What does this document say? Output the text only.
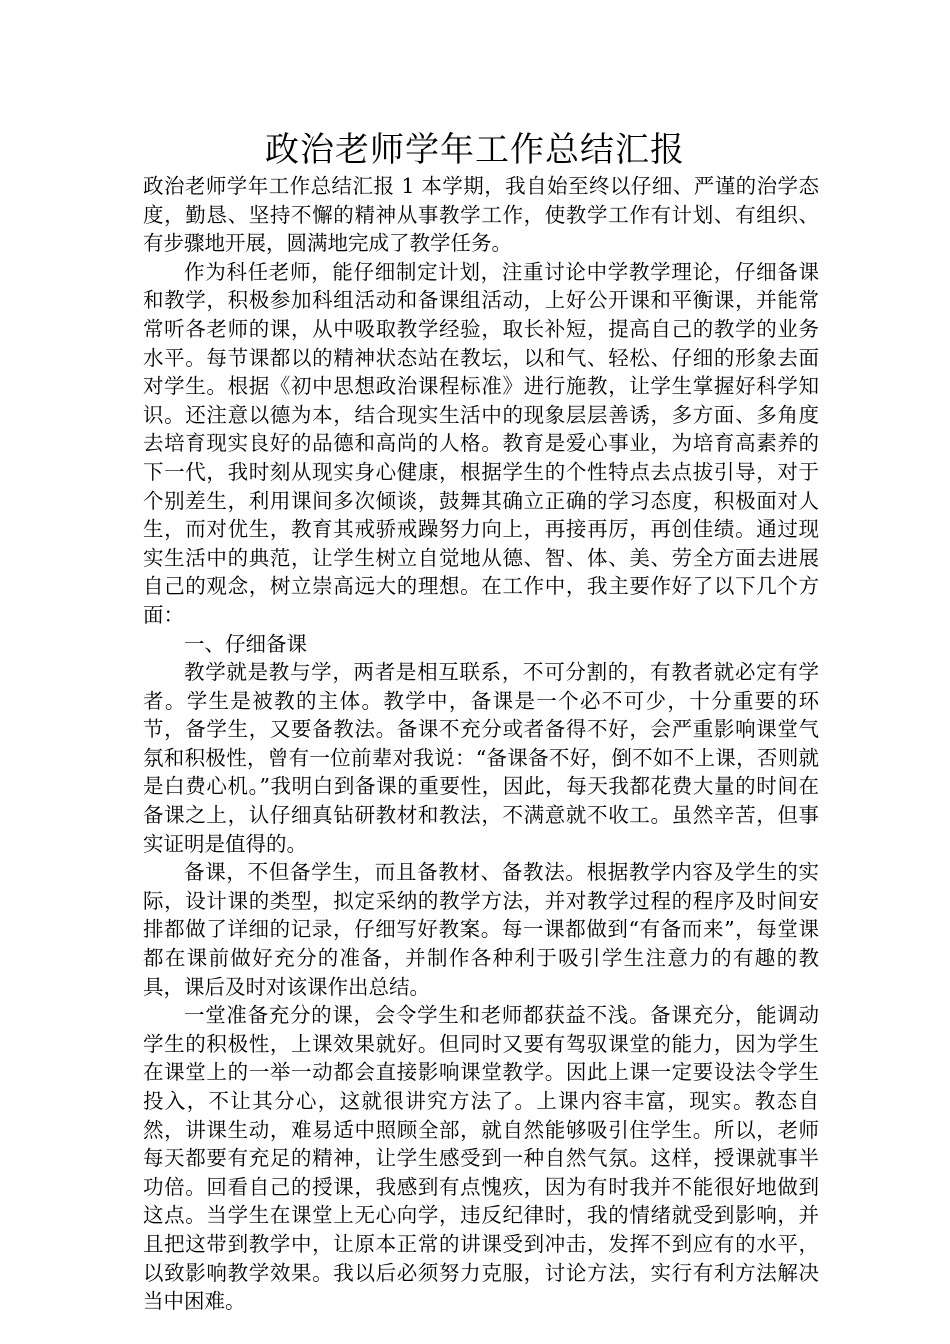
政治老师学年工作总结汇报

政治老师学年工作总结汇报 1 本学期，我自始至终以仔细、严谨的治学态度，勤恳、坚持不懈的精神从事教学工作，使教学工作有计划、有组织、有步骤地开展，圆满地完成了教学任务。

作为科任老师，能仔细制定计划，注重讨论中学教学理论，仔细备课和教学，积极参加科组活动和备课组活动，上好公开课和平衡课，并能常常听各老师的课，从中吸取教学经验，取长补短，提高自己的教学的业务水平。每节课都以的精神状态站在教坛，以和气、轻松、仔细的形象去面对学生。根据《初中思想政治课程标准》进行施教，让学生掌握好科学知识。还注意以德为本，结合现实生活中的现象层层善诱，多方面、多角度去培育现实良好的品德和高尚的人格。教育是爱心事业，为培育高素养的下一代，我时刻从现实身心健康，根据学生的个性特点去点拔引导，对于个别差生，利用课间多次倾谈，鼓舞其确立正确的学习态度，积极面对人生，而对优生，教育其戒骄戒躁努力向上，再接再厉，再创佳绩。通过现实生活中的典范，让学生树立自觉地从德、智、体、美、劳全方面去进展自己的观念，树立崇高远大的理想。在工作中，我主要作好了以下几个方面：

一、仔细备课

教学就是教与学，两者是相互联系，不可分割的，有教者就必定有学者。学生是被教的主体。教学中，备课是一个必不可少，十分重要的环节，备学生，又要备教法。备课不充分或者备得不好，会严重影响课堂气氛和积极性，曾有一位前辈对我说：“备课备不好，倒不如不上课，否则就是白费心机。”我明白到备课的重要性，因此，每天我都花费大量的时间在备课之上，认仔细真钻研教材和教法，不满意就不收工。虽然辛苦，但事实证明是值得的。

备课，不但备学生，而且备教材、备教法。根据教学内容及学生的实际，设计课的类型，拟定采纳的教学方法，并对教学过程的程序及时间安排都做了详细的记录，仔细写好教案。每一课都做到“有备而来”，每堂课都在课前做好充分的准备，并制作各种利于吸引学生注意力的有趣的教具，课后及时对该课作出总结。

一堂准备充分的课，会令学生和老师都获益不浅。备课充分，能调动学生的积极性，上课效果就好。但同时又要有驾驭课堂的能力，因为学生在课堂上的一举一动都会直接影响课堂教学。因此上课一定要设法令学生投入，不让其分心，这就很讲究方法了。上课内容丰富，现实。教态自然，讲课生动，难易适中照顾全部，就自然能够吸引住学生。所以，老师每天都要有充足的精神，让学生感受到一种自然气氛。这样，授课就事半功倍。回看自己的授课，我感到有点愧疚，因为有时我并不能很好地做到这点。当学生在课堂上无心向学，违反纪律时，我的情绪就受到影响，并且把这带到教学中，让原本正常的讲课受到冲击，发挥不到应有的水平，以致影响教学效果。我以后必须努力克服，讨论方法，实行有利方法解决当中困难。
